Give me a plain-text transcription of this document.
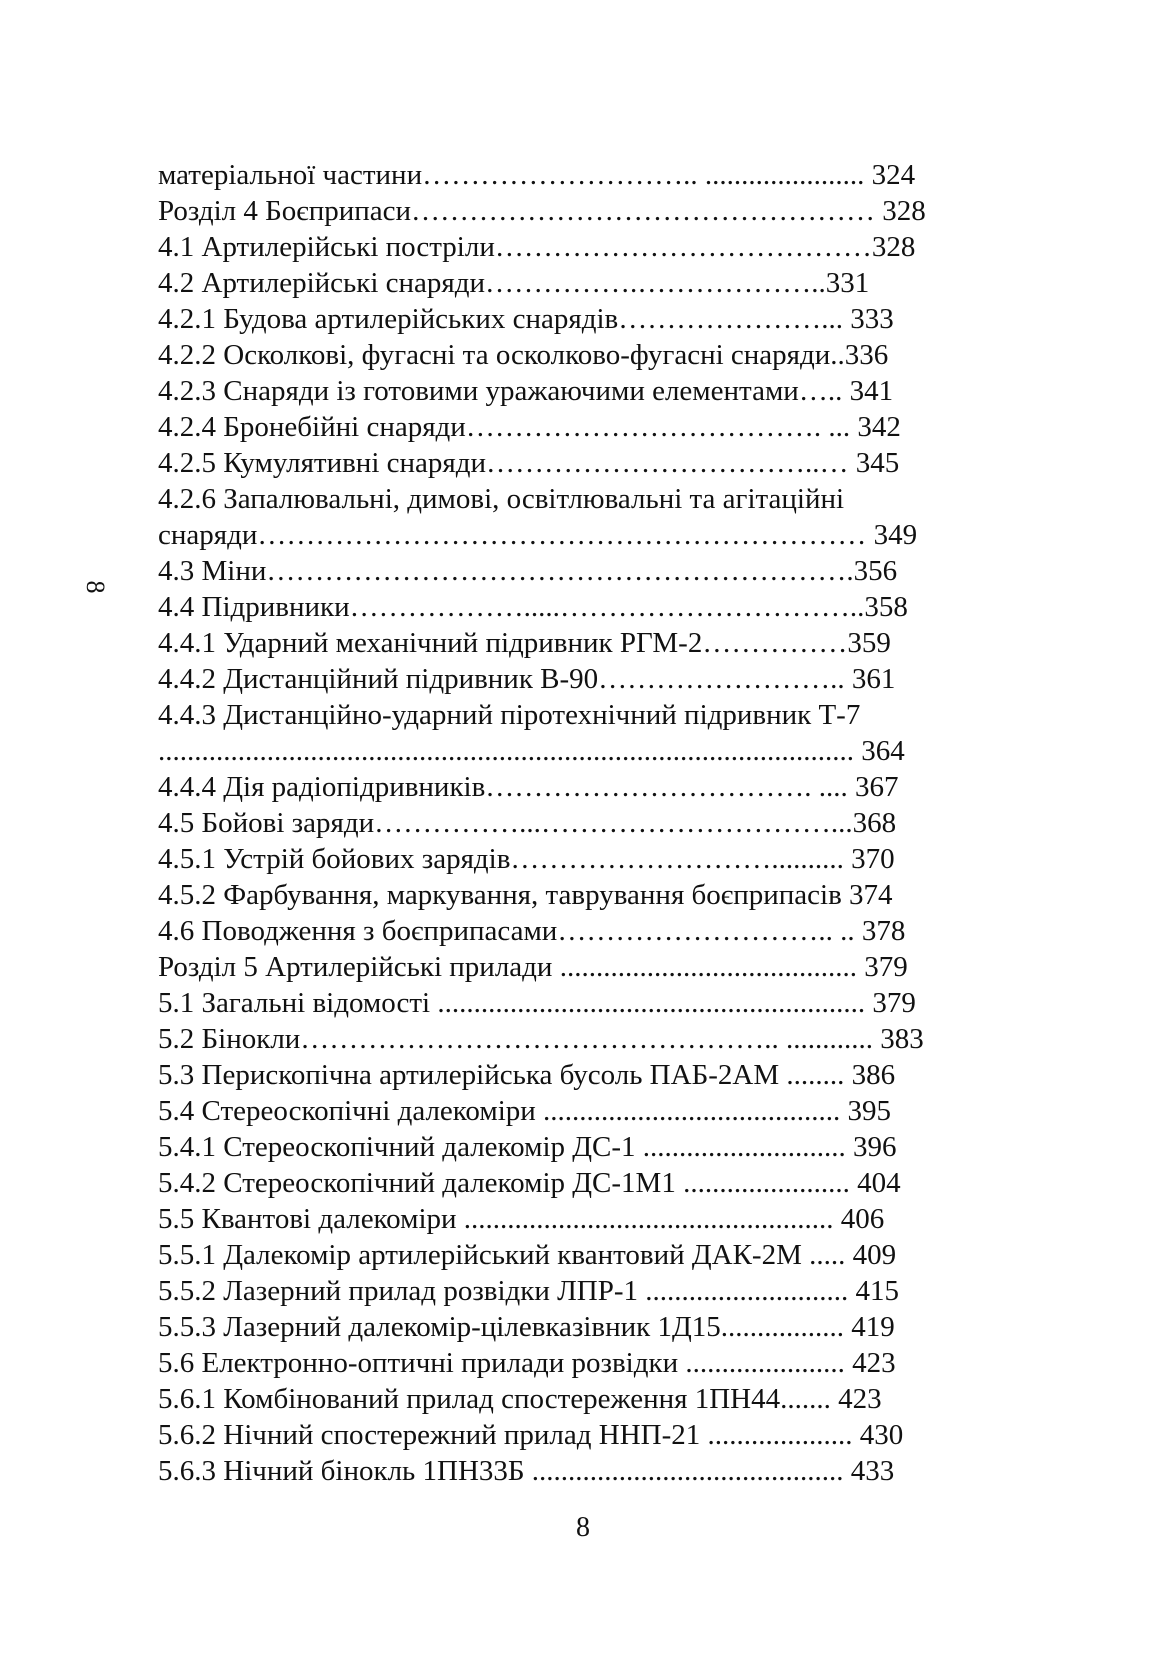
8
матеріальної частини……………………….. ...................... 324
Розділ 4 Боєприпаси………………………………………… 328
4.1 Артилерійські постріли…………………………………328
4.2 Артилерійські снаряди…………….………………..331
4.2.1 Будова артилерійських снарядів…………………... 333
4.2.2 Осколкові, фугасні та осколково-фугасні снаряди..336
4.2.3 Снаряди із готовими уражаючими елементами….. 341
4.2.4 Бронебійні снаряди………………………………. ... 342
4.2.5 Кумулятивні снаряди……………………………..… 345
4.2.6 Запалювальні, димові, освітлювальні та агітаційні
снаряди……………………………………………………… 349
4.3 Міни…………………………………………………….356
4.4 Підривники……………….....…………………………..358
4.4.1 Ударний механічний підривник РГМ-2……………359
4.4.2 Дистанційний підривник В-90…………………….. 361
4.4.3 Дистанційно-ударний піротехнічний підривник Т-7
................................................................................................ 364
4.4.4 Дія радіопідривників……………………………. .... 367
4.5 Бойові заряди……………...…………………………...368
4.5.1 Устрій бойових зарядів……………………….......... 370
4.5.2 Фарбування, маркування, таврування боєприпасів 374
4.6 Поводження з боєприпасами……………………….. .. 378
Розділ 5 Артилерійські прилади ......................................... 379
5.1 Загальні відомості ........................................................... 379
5.2 Бінокли………………………………………….. ............ 383
5.3 Перископічна артилерійська бусоль ПАБ-2АМ ........ 386
5.4 Стереоскопічні далекоміри ......................................... 395
5.4.1 Стереоскопічний далекомір ДС-1 ............................ 396
5.4.2 Стереоскопічний далекомір ДС-1М1 ....................... 404
5.5 Квантові далекоміри ................................................... 406
5.5.1 Далекомір артилерійський квантовий ДАК-2М ..... 409
5.5.2 Лазерний прилад розвідки ЛПР-1 ............................ 415
5.5.3 Лазерний далекомір-цілевказівник 1Д15................. 419
5.6 Електронно-оптичні прилади розвідки ...................... 423
5.6.1 Комбінований прилад спостереження 1ПН44....... 423
5.6.2 Нічний спостережний прилад ННП-21 .................... 430
5.6.3 Нічний бінокль 1ПН33Б ........................................... 433
8
